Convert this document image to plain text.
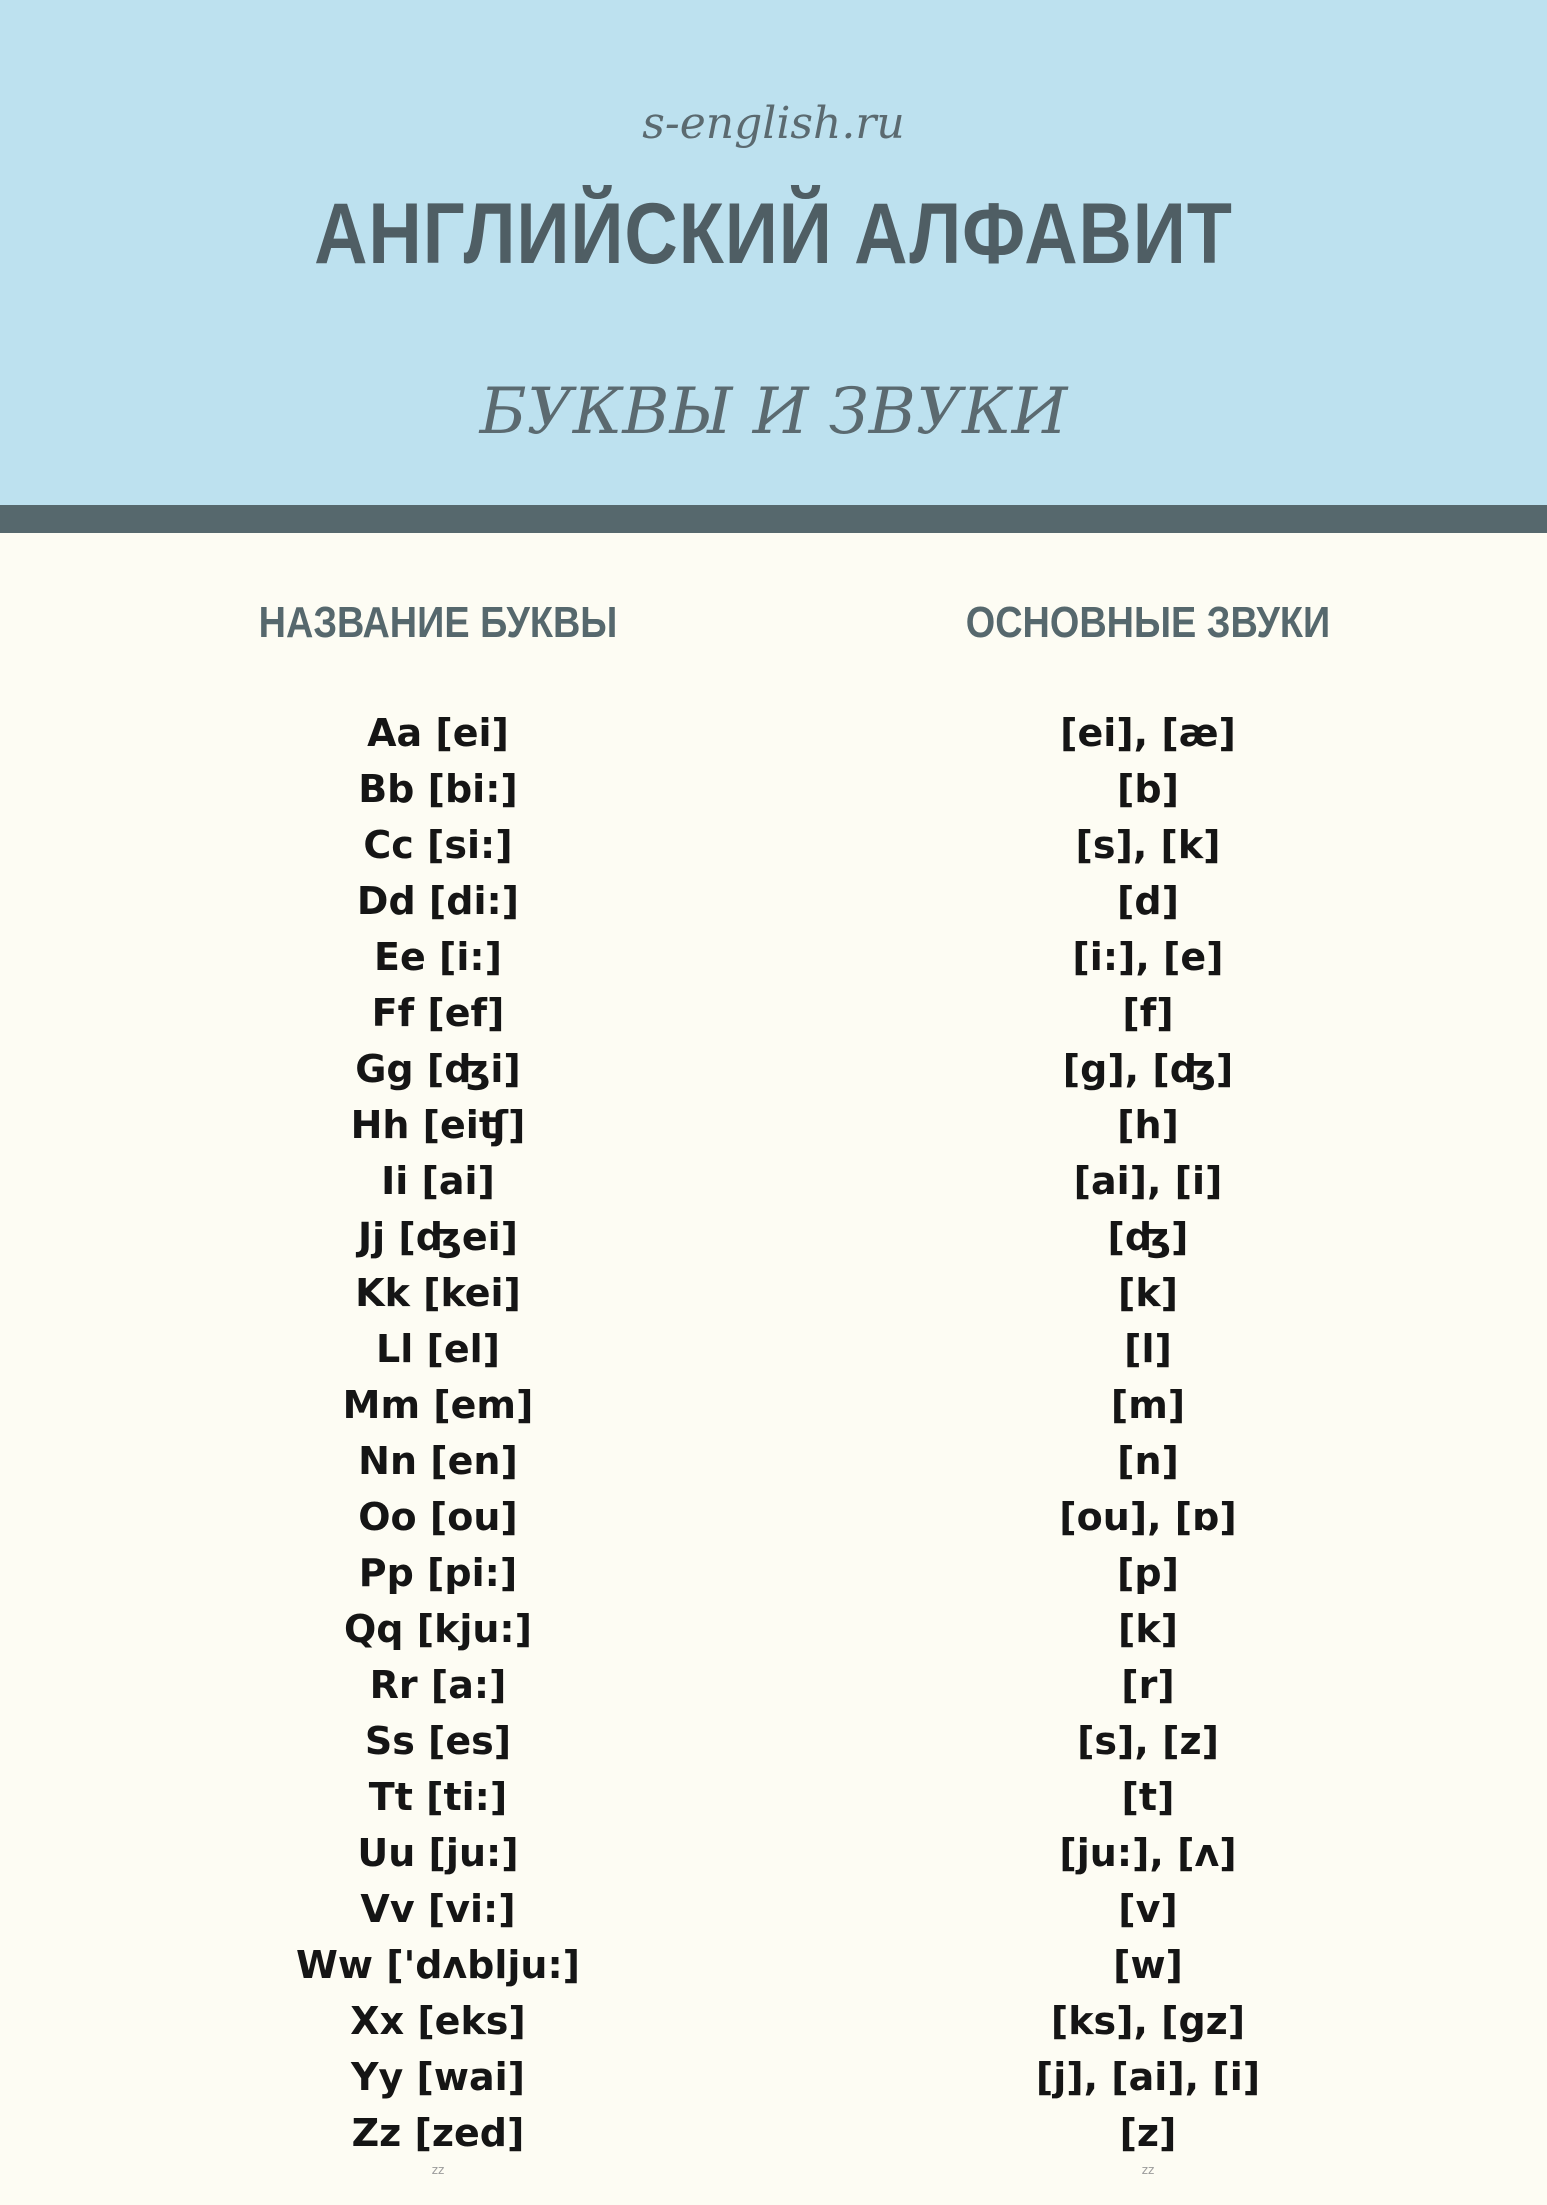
s-english.ru
АНГЛИЙСКИЙ АЛФАВИТ
БУКВЫ И ЗВУКИ
НАЗВАНИЕ БУКВЫ	ОСНОВНЫЕ ЗВУКИ
Aa [ei]
Bb [bi:]
Cc [si:]
Dd [di:]
Ee [i:]
Ff [ef]
Gg [ʤi]
Hh [eiʧ]
Ii [ai]
Jj [ʤei]
Kk [kei]
Ll [el]
Mm [em]
Nn [en]
Oo [ou]
Pp [pi:]
Qq [kju:]
Rr [a:]
Ss [es]
Tt [ti:]
Uu [ju:]
Vv [vi:]
Ww ['dʌblju:]
Xx [eks]
Yy [wai]
Zz [zed]
[ei], [æ]
[b]
[s], [k]
[d]
[i:], [e]
[f]
[g], [ʤ]
[h]
[ai], [i]
[ʤ]
[k]
[l]
[m]
[n]
[ou], [ɒ]
[p]
[k]
[r]
[s], [z]
[t]
[ju:], [ʌ]
[v]
[w]
[ks], [gz]
[j], [ai], [i]
[z]
zz	zz
